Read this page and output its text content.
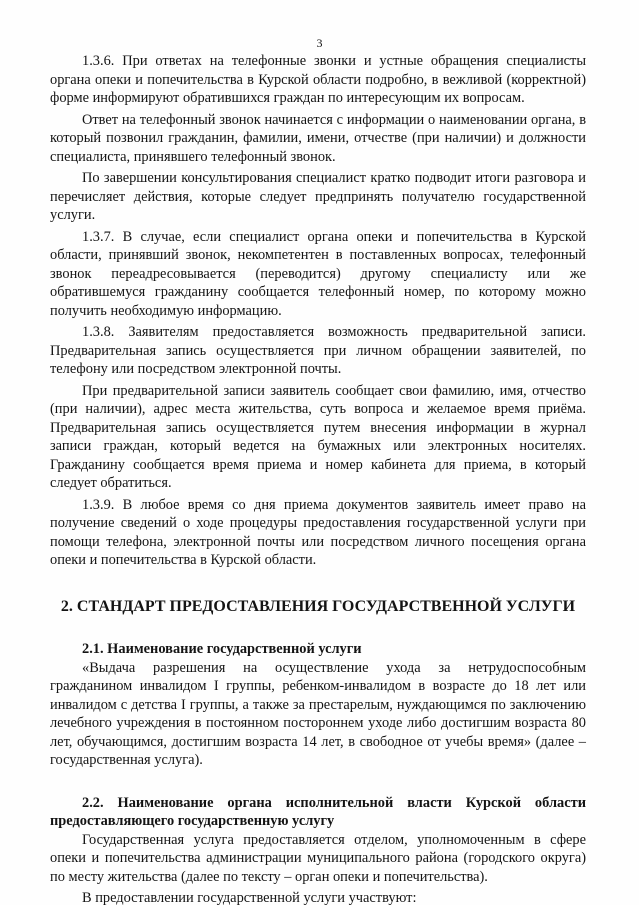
3

1.3.6. При ответах на телефонные звонки и устные обращения специалисты органа опеки и попечительства в Курской области подробно, в вежливой (корректной) форме информируют обратившихся граждан по интересующим их вопросам.

Ответ на телефонный звонок начинается с информации о наименовании органа, в который позвонил гражданин, фамилии, имени, отчестве (при наличии) и должности специалиста, принявшего телефонный звонок.

По завершении консультирования специалист кратко подводит итоги разговора и перечисляет действия, которые следует предпринять получателю государственной услуги.

1.3.7. В случае, если специалист органа опеки и попечительства в Курской области, принявший звонок, некомпетентен в поставленных вопросах, телефонный звонок переадресовывается (переводится) другому специалисту или же обратившемуся гражданину сообщается телефонный номер, по которому можно получить необходимую информацию.

1.3.8. Заявителям предоставляется возможность предварительной записи. Предварительная запись осуществляется при личном обращении заявителей, по телефону или посредством электронной почты.

При предварительной записи заявитель сообщает свои фамилию, имя, отчество (при наличии), адрес места жительства, суть вопроса и желаемое время приёма. Предварительная запись осуществляется путем внесения информации в журнал записи граждан, который ведется на бумажных или электронных носителях. Гражданину сообщается время приема и номер кабинета для приема, в который следует обратиться.

1.3.9. В любое время со дня приема документов заявитель имеет право на получение сведений о ходе процедуры предоставления государственной услуги при помощи телефона, электронной почты или посредством личного посещения органа опеки и попечительства в Курской области.

2. СТАНДАРТ ПРЕДОСТАВЛЕНИЯ ГОСУДАРСТВЕННОЙ УСЛУГИ

2.1. Наименование государственной услуги

«Выдача разрешения на осуществление ухода за нетрудоспособным гражданином инвалидом I группы, ребенком-инвалидом в возрасте до 18 лет или инвалидом с детства I группы, а также за престарелым, нуждающимся по заключению лечебного учреждения в постоянном постороннем уходе либо достигшим возраста 80 лет, обучающимся, достигшим возраста 14 лет, в свободное от учебы время» (далее – государственная услуга).

2.2. Наименование органа исполнительной власти Курской области предоставляющего государственную услугу

Государственная услуга предоставляется отделом, уполномоченным в сфере опеки и попечительства администрации муниципального района (городского округа) по месту жительства (далее по тексту – орган опеки и попечительства).

В предоставлении государственной услуги участвуют:
